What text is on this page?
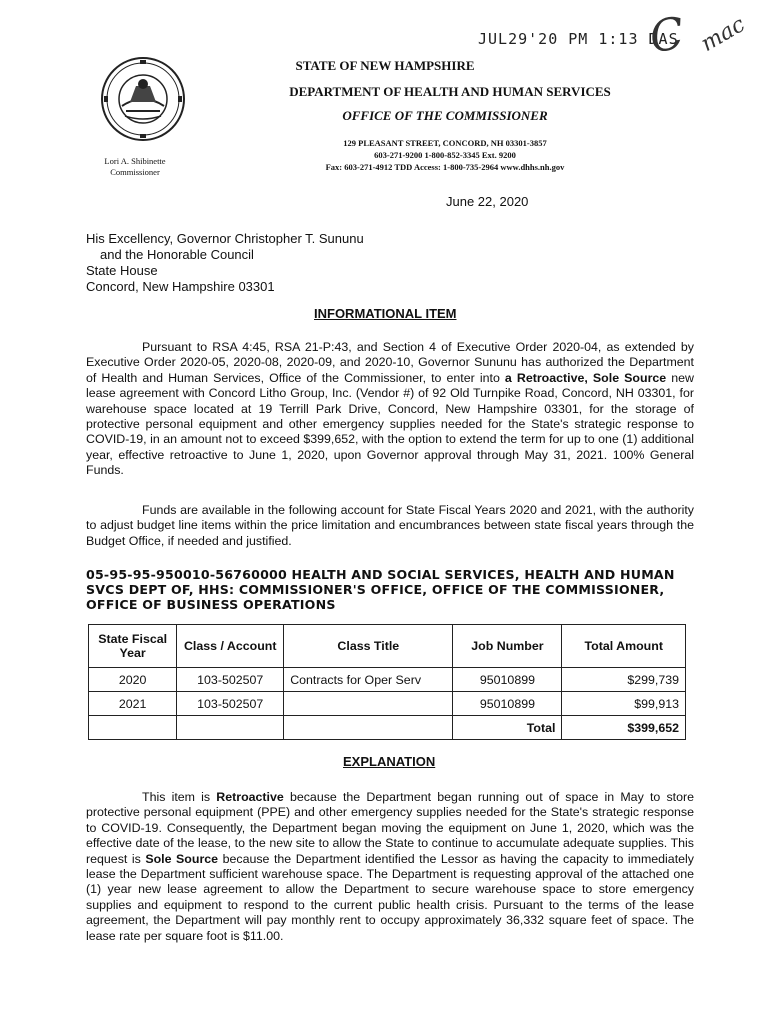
JUL29'20 PM 1:13 DAS
C mac
STATE OF NEW HAMPSHIRE
DEPARTMENT OF HEALTH AND HUMAN SERVICES
OFFICE OF THE COMMISSIONER
129 PLEASANT STREET, CONCORD, NH 03301-3857
603-271-9200 1-800-852-3345 Ext. 9200
Fax: 603-271-4912 TDD Access: 1-800-735-2964 www.dhhs.nh.gov
Lori A. Shibinette
Commissioner
June 22, 2020
His Excellency, Governor Christopher T. Sununu
and the Honorable Council
State House
Concord, New Hampshire 03301
INFORMATIONAL ITEM
Pursuant to RSA 4:45, RSA 21-P:43, and Section 4 of Executive Order 2020-04, as extended by Executive Order 2020-05, 2020-08, 2020-09, and 2020-10, Governor Sununu has authorized the Department of Health and Human Services, Office of the Commissioner, to enter into a Retroactive, Sole Source new lease agreement with Concord Litho Group, Inc. (Vendor #) of 92 Old Turnpike Road, Concord, NH 03301, for warehouse space located at 19 Terrill Park Drive, Concord, New Hampshire 03301, for the storage of protective personal equipment and other emergency supplies needed for the State's strategic response to COVID-19, in an amount not to exceed $399,652, with the option to extend the term for up to one (1) additional year, effective retroactive to June 1, 2020, upon Governor approval through May 31, 2021. 100% General Funds.
Funds are available in the following account for State Fiscal Years 2020 and 2021, with the authority to adjust budget line items within the price limitation and encumbrances between state fiscal years through the Budget Office, if needed and justified.
05-95-95-950010-56760000 HEALTH AND SOCIAL SERVICES, HEALTH AND HUMAN SVCS DEPT OF, HHS: COMMISSIONER'S OFFICE, OFFICE OF THE COMMISSIONER, OFFICE OF BUSINESS OPERATIONS
State Fiscal Year	Class / Account	Class Title	Job Number	Total Amount
2020	103-502507	Contracts for Oper Serv	95010899	$299,739
2021	103-502507		95010899	$99,913
			Total	$399,652
EXPLANATION
This item is Retroactive because the Department began running out of space in May to store protective personal equipment (PPE) and other emergency supplies needed for the State's strategic response to COVID-19. Consequently, the Department began moving the equipment on June 1, 2020, which was the effective date of the lease, to the new site to allow the State to continue to accumulate adequate supplies. This request is Sole Source because the Department identified the Lessor as having the capacity to immediately lease the Department sufficient warehouse space. The Department is requesting approval of the attached one (1) year new lease agreement to allow the Department to secure warehouse space to store emergency supplies and equipment to respond to the current public health crisis. Pursuant to the terms of the lease agreement, the Department will pay monthly rent to occupy approximately 36,332 square feet of space. The lease rate per square foot is $11.00.
